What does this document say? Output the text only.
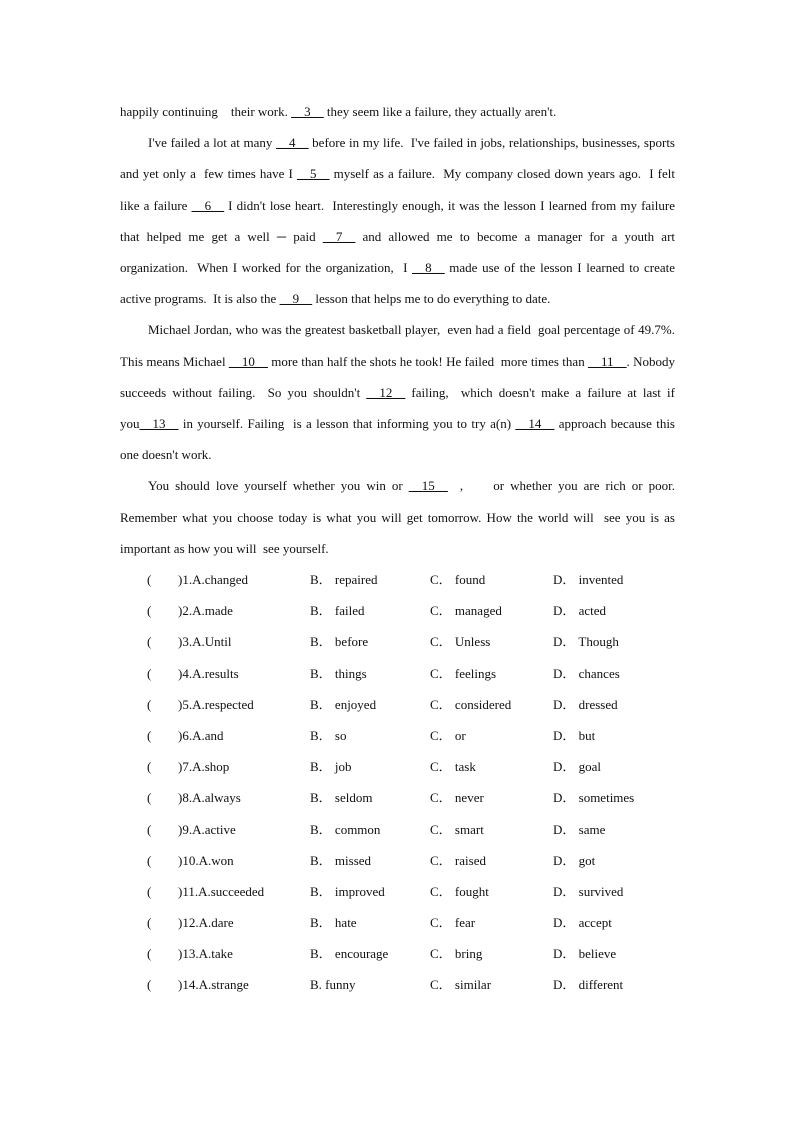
happily continuing    their work. __3__ they seem like a failure, they actually aren't.

I've failed a lot at many __4__ before in my life.  I've failed in jobs, relationships, businesses, sports and yet only a  few times have I __5__ myself as a failure.  My company closed down years ago.  I felt like a failure __6__ I didn't lose heart.  Interestingly enough, it was the lesson I learned from my failure that helped me get a well ─ paid __7__ and allowed me to become a manager for a youth art organization.  When I worked for the organization,  I __8__ made use of the lesson I learned to create active programs.  It is also the __9__ lesson that helps me to do everything to date.

Michael Jordan, who was the greatest basketball player,  even had a field  goal percentage of 49.7%. This means Michael __10__ more than half the shots he took! He failed  more times than __11__. Nobody succeeds without failing.  So you shouldn't __12__ failing,  which doesn't make a failure at last if you__13__ in yourself. Failing  is a lesson that informing you to try a(n) __14__ approach because this one doesn't work.

You should love yourself whether you win or __15__  ,     or whether you are rich or poor. Remember what you choose today is what you will get tomorrow. How the world will  see you is as important as how you will  see yourself.

( )1.A.changed	B． repaired	C． found	D． invented
( )2.A.made	B． failed	C． managed	D． acted
( )3.A.Until	B． before	C． Unless	D． Though
( )4.A.results	B． things	C． feelings	D． chances
( )5.A.respected	B． enjoyed	C． considered	D． dressed
( )6.A.and	B． so	C． or	D． but
( )7.A.shop	B． job	C． task	D． goal
( )8.A.always	B． seldom	C． never	D． sometimes
( )9.A.active	B． common	C． smart	D． same
( )10.A.won	B． missed	C． raised	D． got
( )11.A.succeeded	B． improved	C． fought	D． survived
( )12.A.dare	B． hate	C． fear	D． accept
( )13.A.take	B． encourage	C． bring	D． believe
( )14.A.strange	B. funny	C． similar	D． different
